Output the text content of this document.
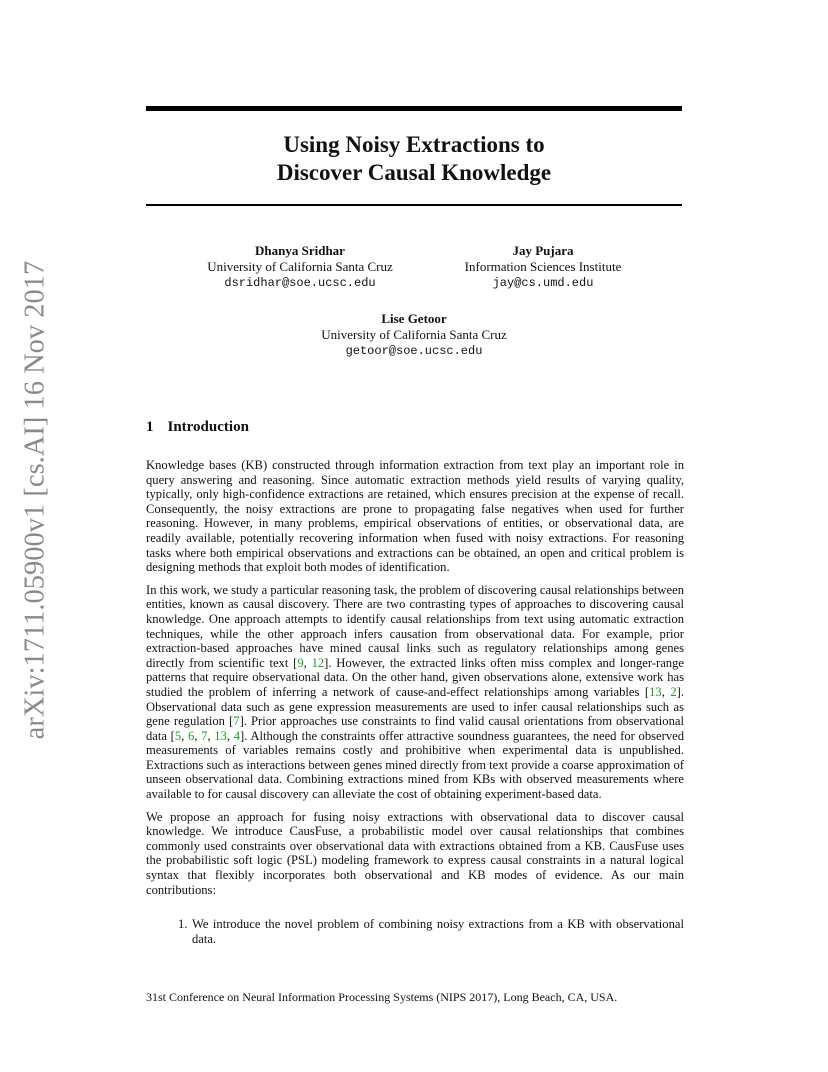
arXiv:1711.05900v1 [cs.AI] 16 Nov 2017
Using Noisy Extractions to
Discover Causal Knowledge
Dhanya Sridhar
University of California Santa Cruz
dsridhar@soe.ucsc.edu
Jay Pujara
Information Sciences Institute
jay@cs.umd.edu
Lise Getoor
University of California Santa Cruz
getoor@soe.ucsc.edu
1 Introduction

Knowledge bases (KB) constructed through information extraction from text play an important role in query answering and reasoning. Since automatic extraction methods yield results of varying quality, typically, only high-confidence extractions are retained, which ensures precision at the expense of recall. Consequently, the noisy extractions are prone to propagating false negatives when used for further reasoning. However, in many problems, empirical observations of entities, or observational data, are readily available, potentially recovering information when fused with noisy extractions. For reasoning tasks where both empirical observations and extractions can be obtained, an open and critical problem is designing methods that exploit both modes of identification.

In this work, we study a particular reasoning task, the problem of discovering causal relationships between entities, known as causal discovery. There are two contrasting types of approaches to discovering causal knowledge. One approach attempts to identify causal relationships from text using automatic extraction techniques, while the other approach infers causation from observational data. For example, prior extraction-based approaches have mined causal links such as regulatory relationships among genes directly from scientific text [9, 12]. However, the extracted links often miss complex and longer-range patterns that require observational data. On the other hand, given observations alone, extensive work has studied the problem of inferring a network of cause-and-effect relationships among variables [13, 2]. Observational data such as gene expression measurements are used to infer causal relationships such as gene regulation [7]. Prior approaches use constraints to find valid causal orientations from observational data [5, 6, 7, 13, 4]. Although the constraints offer attractive soundness guarantees, the need for observed measurements of variables remains costly and prohibitive when experimental data is unpublished. Extractions such as interactions between genes mined directly from text provide a coarse approximation of unseen observational data. Combining extractions mined from KBs with observed measurements where available to for causal discovery can alleviate the cost of obtaining experiment-based data.

We propose an approach for fusing noisy extractions with observational data to discover causal knowledge. We introduce CausFuse, a probabilistic model over causal relationships that combines commonly used constraints over observational data with extractions obtained from a KB. CausFuse uses the probabilistic soft logic (PSL) modeling framework to express causal constraints in a natural logical syntax that flexibly incorporates both observational and KB modes of evidence. As our main contributions:

1. We introduce the novel problem of combining noisy extractions from a KB with observational data.

31st Conference on Neural Information Processing Systems (NIPS 2017), Long Beach, CA, USA.
